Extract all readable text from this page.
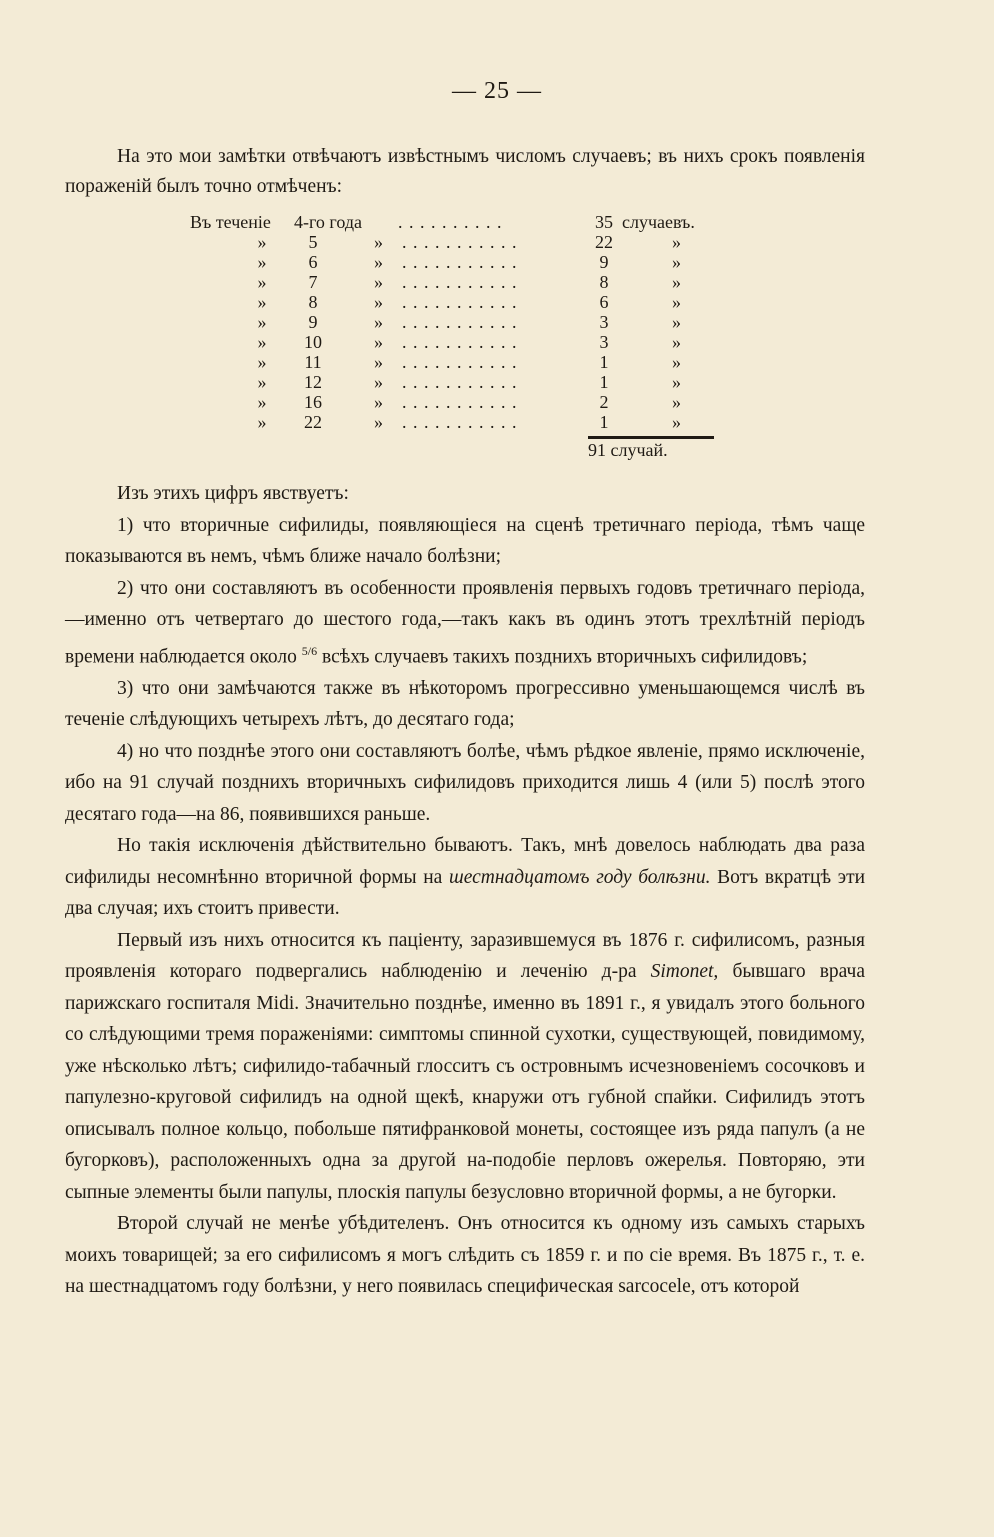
— 25 —

На это мои замѣтки отвѣчаютъ извѣстнымъ числомъ случаевъ; въ нихъ срокъ появленія пораженій былъ точно отмѣченъ:

Въ теченіе 4-го года . . . . . . . . . .	35 случаевъ.
»	5	» . . . . . . . . . . .	22	»
»	6	» . . . . . . . . . . .	9	»
»	7	» . . . . . . . . . . .	8	»
»	8	» . . . . . . . . . . .	6	»
»	9	» . . . . . . . . . . .	3	»
»	10	» . . . . . . . . . . .	3	»
»	11	» . . . . . . . . . . .	1	»
»	12	» . . . . . . . . . . .	1	»
»	16	» . . . . . . . . . . .	2	»
»	22	» . . . . . . . . . . .	1	»
91 случай.

Изъ этихъ цифръ явствуетъ:

1) что вторичные сифилиды, появляющіеся на сценѣ третичнаго періода, тѣмъ чаще показываются въ немъ, чѣмъ ближе начало болѣзни;

2) что они составляютъ въ особенности проявленія первыхъ годовъ третичнаго періода,—именно отъ четвертаго до шестого года,—такъ какъ въ одинъ этотъ трехлѣтній періодъ времени наблюдается около $^{5/6}$ всѣхъ случаевъ такихъ позднихъ вторичныхъ сифилидовъ;

3) что они замѣчаются также въ нѣкоторомъ прогрессивно уменьшающемся числѣ въ теченіе слѣдующихъ четырехъ лѣтъ, до десятаго года;

4) но что позднѣе этого они составляютъ болѣе, чѣмъ рѣдкое явленіе, прямо исключеніе, ибо на 91 случай позднихъ вторичныхъ сифилидовъ приходится лишь 4 (или 5) послѣ этого десятаго года—на 86, появившихся раньше.

Но такія исключенія дѣйствительно бываютъ. Такъ, мнѣ довелось наблюдать два раза сифилиды несомнѣнно вторичной формы на шестнадцатомъ году болѣзни. Вотъ вкратцѣ эти два случая; ихъ стоитъ привести.

Первый изъ нихъ относится къ паціенту, заразившемуся въ 1876 г. сифилисомъ, разныя проявленія котораго подвергались наблюденію и леченію д-ра Simonet, бывшаго врача парижскаго госпиталя Midi. Значительно позднѣе, именно въ 1891 г., я увидалъ этого больного со слѣдующими тремя пораженіями: симптомы спинной сухотки, существующей, повидимому, уже нѣсколько лѣтъ; сифилидо-табачный глосситъ съ островнымъ исчезновеніемъ сосочковъ и папулезно-круговой сифилидъ на одной щекѣ, кнаружи отъ губной спайки. Сифилидъ этотъ описывалъ полное кольцо, побольше пятифранковой монеты, состоящее изъ ряда папулъ (а не бугорковъ), расположенныхъ одна за другой на-подобіе перловъ ожерелья. Повторяю, эти сыпные элементы были папулы, плоскія папулы безусловно вторичной формы, а не бугорки.

Второй случай не менѣе убѣдителенъ. Онъ относится къ одному изъ самыхъ старыхъ моихъ товарищей; за его сифилисомъ я могъ слѣдить съ 1859 г. и по сіе время. Въ 1875 г., т. е. на шестнадцатомъ году болѣзни, у него появилась специфическая sarcocele, отъ которой
